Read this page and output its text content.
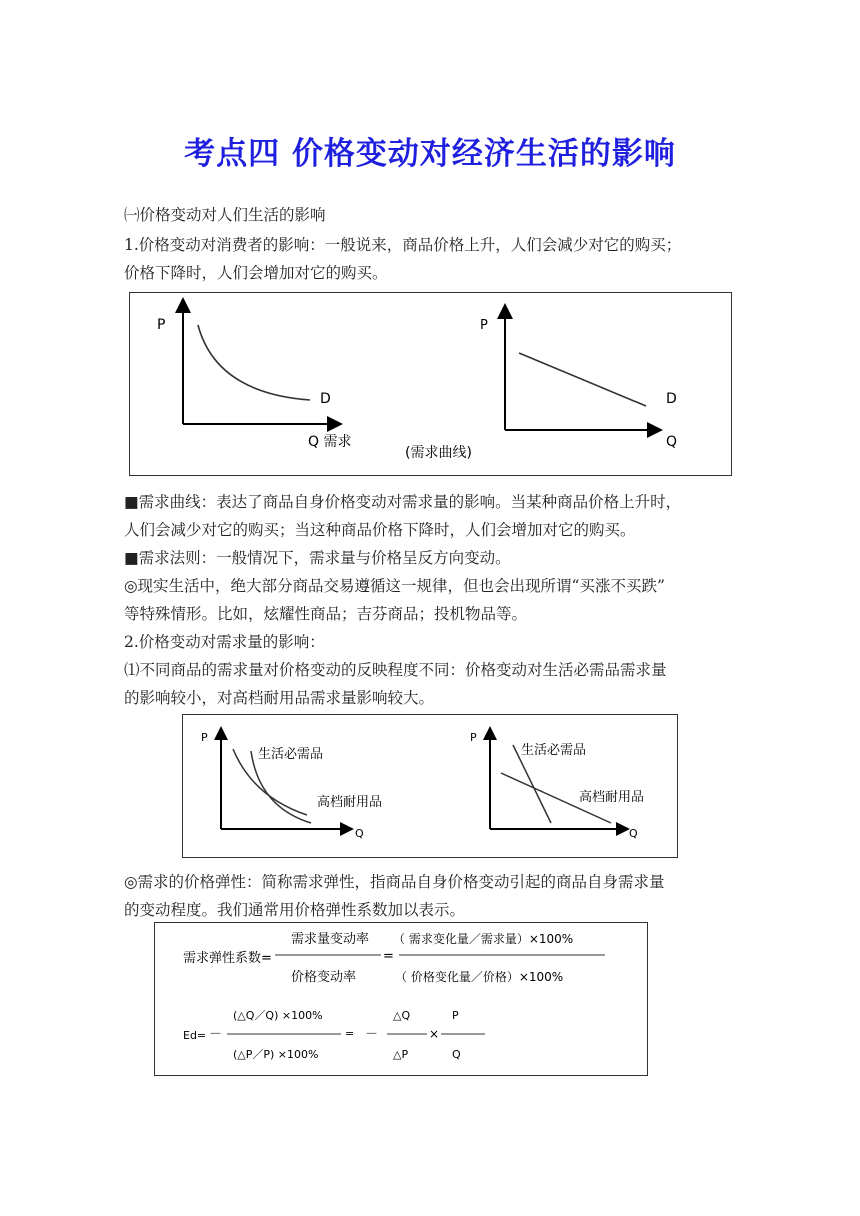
考点四 价格变动对经济生活的影响
㈠价格变动对人们生活的影响
1.价格变动对消费者的影响：一般说来，商品价格上升，人们会减少对它的购买；
价格下降时，人们会增加对它的购买。
P
D
Q 需求
(需求曲线)
P
D
Q
■需求曲线：表达了商品自身价格变动对需求量的影响。当某种商品价格上升时，
人们会减少对它的购买；当这种商品价格下降时，人们会增加对它的购买。
■需求法则：一般情况下，需求量与价格呈反方向变动。
◎现实生活中，绝大部分商品交易遵循这一规律，但也会出现所谓“买涨不买跌”
等特殊情形。比如，炫耀性商品；吉芬商品；投机物品等。
2.价格变动对需求量的影响：
⑴不同商品的需求量对价格变动的反映程度不同：价格变动对生活必需品需求量
的影响较小，对高档耐用品需求量影响较大。
P
Q
生活必需品
高档耐用品
P
Q
生活必需品
高档耐用品
◎需求的价格弹性：简称需求弹性，指商品自身价格变动引起的商品自身需求量
的变动程度。我们通常用价格弹性系数加以表示。
需求弹性系数=
需求量变动率
价格变动率
=
（ 需求变化量／需求量）×100%
（ 价格变化量／价格）×100%
Ed= －
(△Q／Q) ×100%
(△P／P) ×100%
= －
△Q
△P
×
P
Q
